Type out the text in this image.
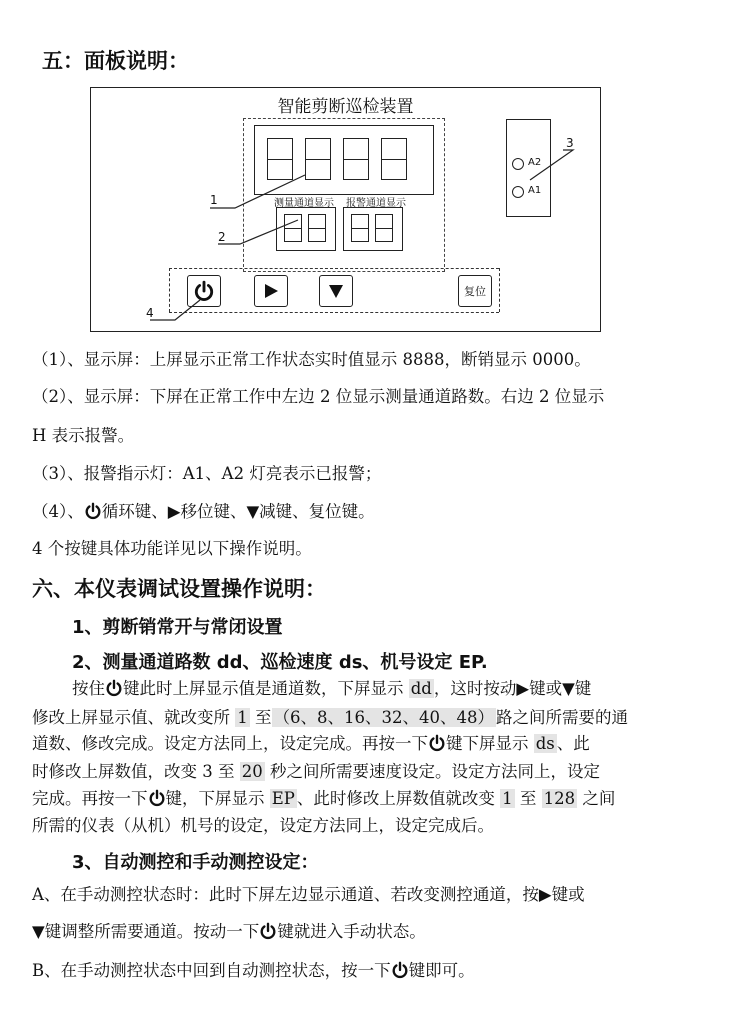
五：面板说明：
智能剪断巡检装置
测量通道显示 报警通道显示
复位
A2
A1
1
2
3
4
（1）、显示屏：上屏显示正常工作状态实时值显示 8888，断销显示 0000。
（2）、显示屏：下屏在正常工作中左边 2 位显示测量通道路数。右边 2 位显示
H 表示报警。
（3）、报警指示灯：A1、A2 灯亮表示已报警；
（4）、 循环键、▶移位键、▼减键、复位键。
4 个按键具体功能详见以下操作说明。
六、本仪表调试设置操作说明：
1、剪断销常开与常闭设置
2、测量通道路数 dd、巡检速度 ds、机号设定 EP.
按住 键此时上屏显示值是通道数，下屏显示 dd ，这时按动▶键或▼键
修改上屏显示值、就改变所 1 至 （6、8、16、32、40、48） 路之间所需要的通
道数、修改完成。设定方法同上，设定完成。再按一下 键下屏显示 ds 、此
时修改上屏数值，改变 3 至 20 秒之间所需要速度设定。设定方法同上，设定
完成。再按一下 键，下屏显示 EP 、此时修改上屏数值就改变 1 至 128 之间
所需的仪表（从机）机号的设定，设定方法同上，设定完成后。
3、自动测控和手动测控设定：
A、在手动测控状态时：此时下屏左边显示通道、若改变测控通道，按▶键或
▼键调整所需要通道。按动一下 键就进入手动状态。
B、在手动测控状态中回到自动测控状态，按一下 键即可。
